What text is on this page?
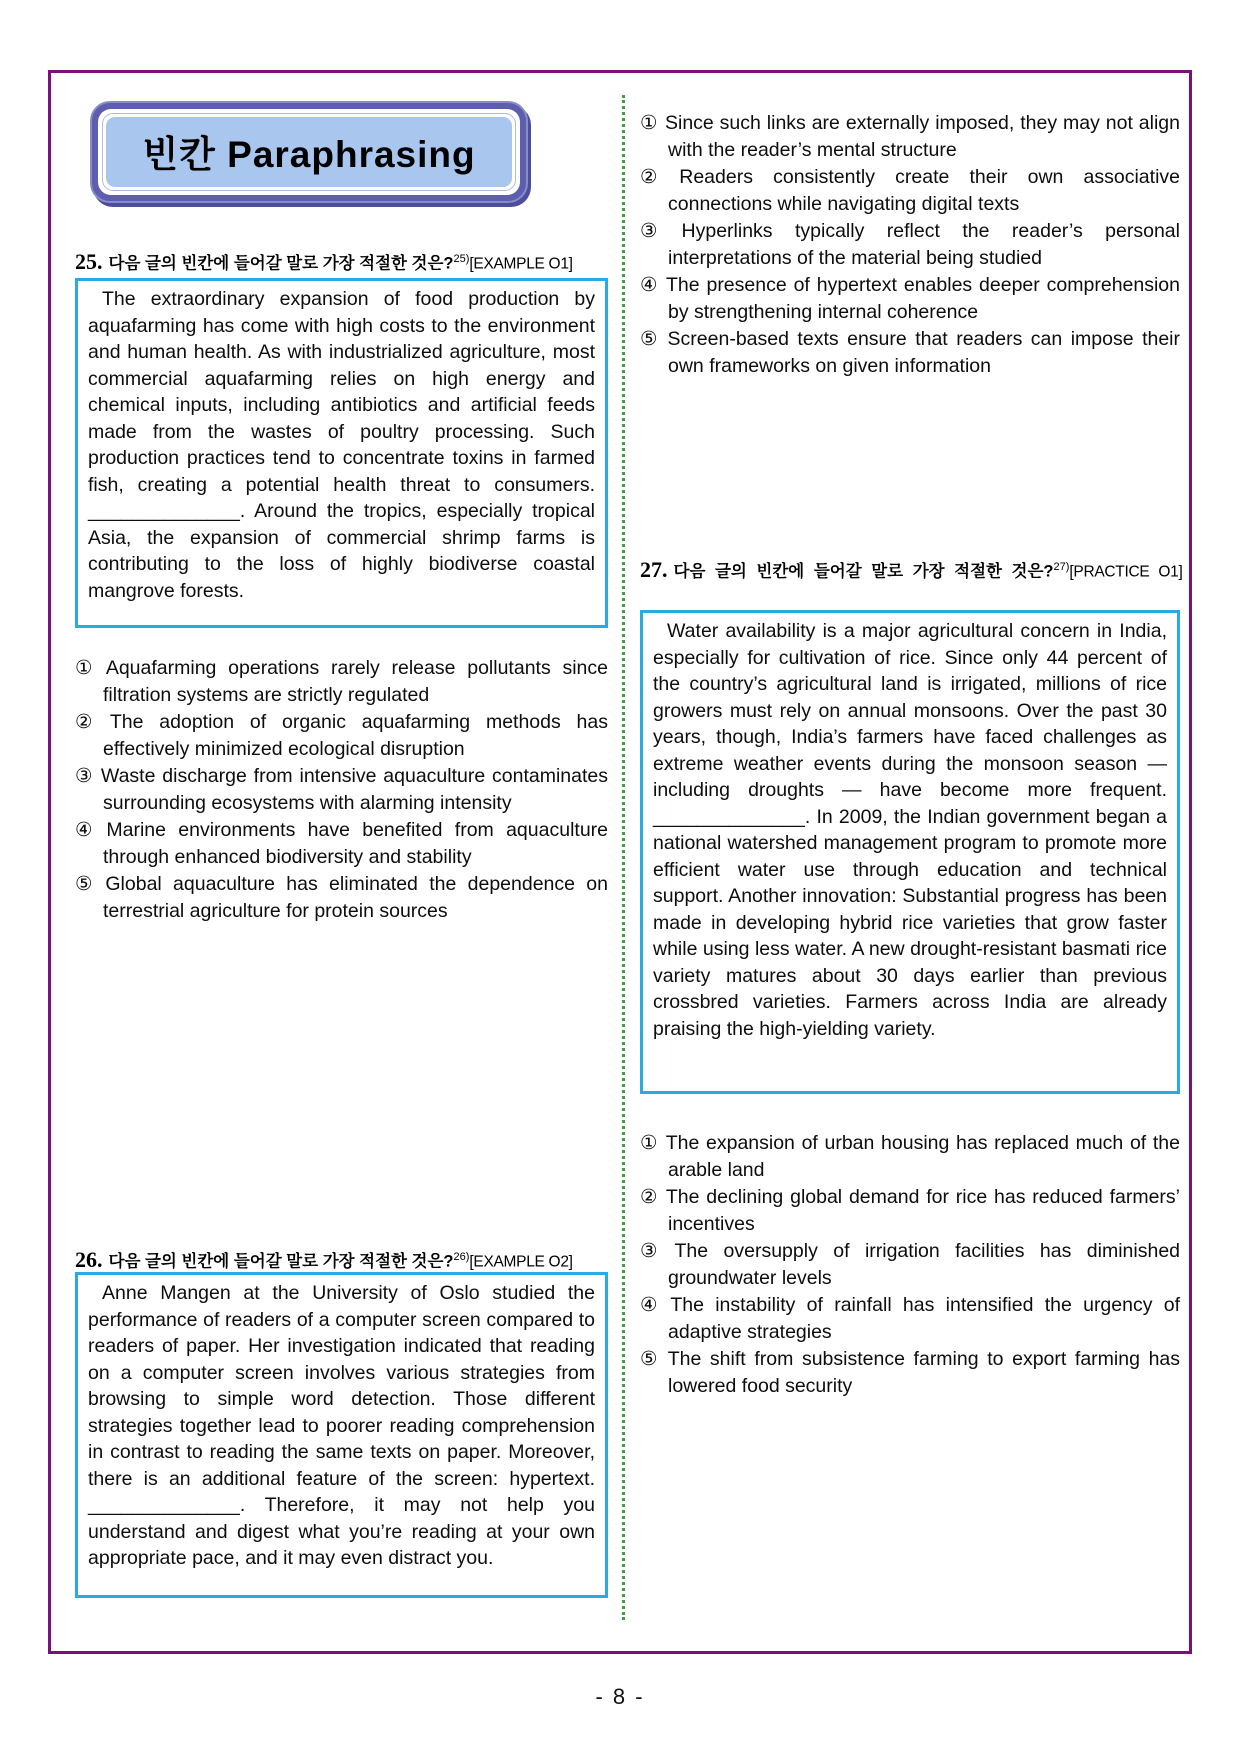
빈칸 Paraphrasing
25. 다음 글의 빈칸에 들어갈 말로 가장 적절한 것은?$^{25)}$[EXAMPLE O1]
The extraordinary expansion of food production by aquafarming has come with high costs to the environment and human health. As with industrialized agriculture, most commercial aquafarming relies on high energy and chemical inputs, including antibiotics and artificial feeds made from the wastes of poultry processing. Such production practices tend to concentrate toxins in farmed fish, creating a potential health threat to consumers. ______________. Around the tropics, especially tropical Asia, the expansion of commercial shrimp farms is contributing to the loss of highly biodiverse coastal mangrove forests.
① Aquafarming operations rarely release pollutants since filtration systems are strictly regulated
② The adoption of organic aquafarming methods has effectively minimized ecological disruption
③ Waste discharge from intensive aquaculture contaminates surrounding ecosystems with alarming intensity
④ Marine environments have benefited from aquaculture through enhanced biodiversity and stability
⑤ Global aquaculture has eliminated the dependence on terrestrial agriculture for protein sources
26. 다음 글의 빈칸에 들어갈 말로 가장 적절한 것은?$^{26)}$[EXAMPLE O2]
Anne Mangen at the University of Oslo studied the performance of readers of a computer screen compared to readers of paper. Her investigation indicated that reading on a computer screen involves various strategies from browsing to simple word detection. Those different strategies together lead to poorer reading comprehension in contrast to reading the same texts on paper. Moreover, there is an additional feature of the screen: hypertext. ______________. Therefore, it may not help you understand and digest what you’re reading at your own appropriate pace, and it may even distract you.
① Since such links are externally imposed, they may not align with the reader’s mental structure
② Readers consistently create their own associative connections while navigating digital texts
③ Hyperlinks typically reflect the reader’s personal interpretations of the material being studied
④ The presence of hypertext enables deeper comprehension by strengthening internal coherence
⑤ Screen-based texts ensure that readers can impose their own frameworks on given information
27. 다음 글의 빈칸에 들어갈 말로 가장 적절한 것은?$^{27)}$[PRACTICE O1]
Water availability is a major agricultural concern in India, especially for cultivation of rice. Since only 44 percent of the country’s agricultural land is irrigated, millions of rice growers must rely on annual monsoons. Over the past 30 years, though, India’s farmers have faced challenges as extreme weather events during the monsoon season — including droughts — have become more frequent. ______________. In 2009, the Indian government began a national watershed management program to promote more efficient water use through education and technical support. Another innovation: Substantial progress has been made in developing hybrid rice varieties that grow faster while using less water. A new drought-resistant basmati rice variety matures about 30 days earlier than previous crossbred varieties. Farmers across India are already praising the high-yielding variety.
① The expansion of urban housing has replaced much of the arable land
② The declining global demand for rice has reduced farmers’ incentives
③ The oversupply of irrigation facilities has diminished groundwater levels
④ The instability of rainfall has intensified the urgency of adaptive strategies
⑤ The shift from subsistence farming to export farming has lowered food security
- 8 -
